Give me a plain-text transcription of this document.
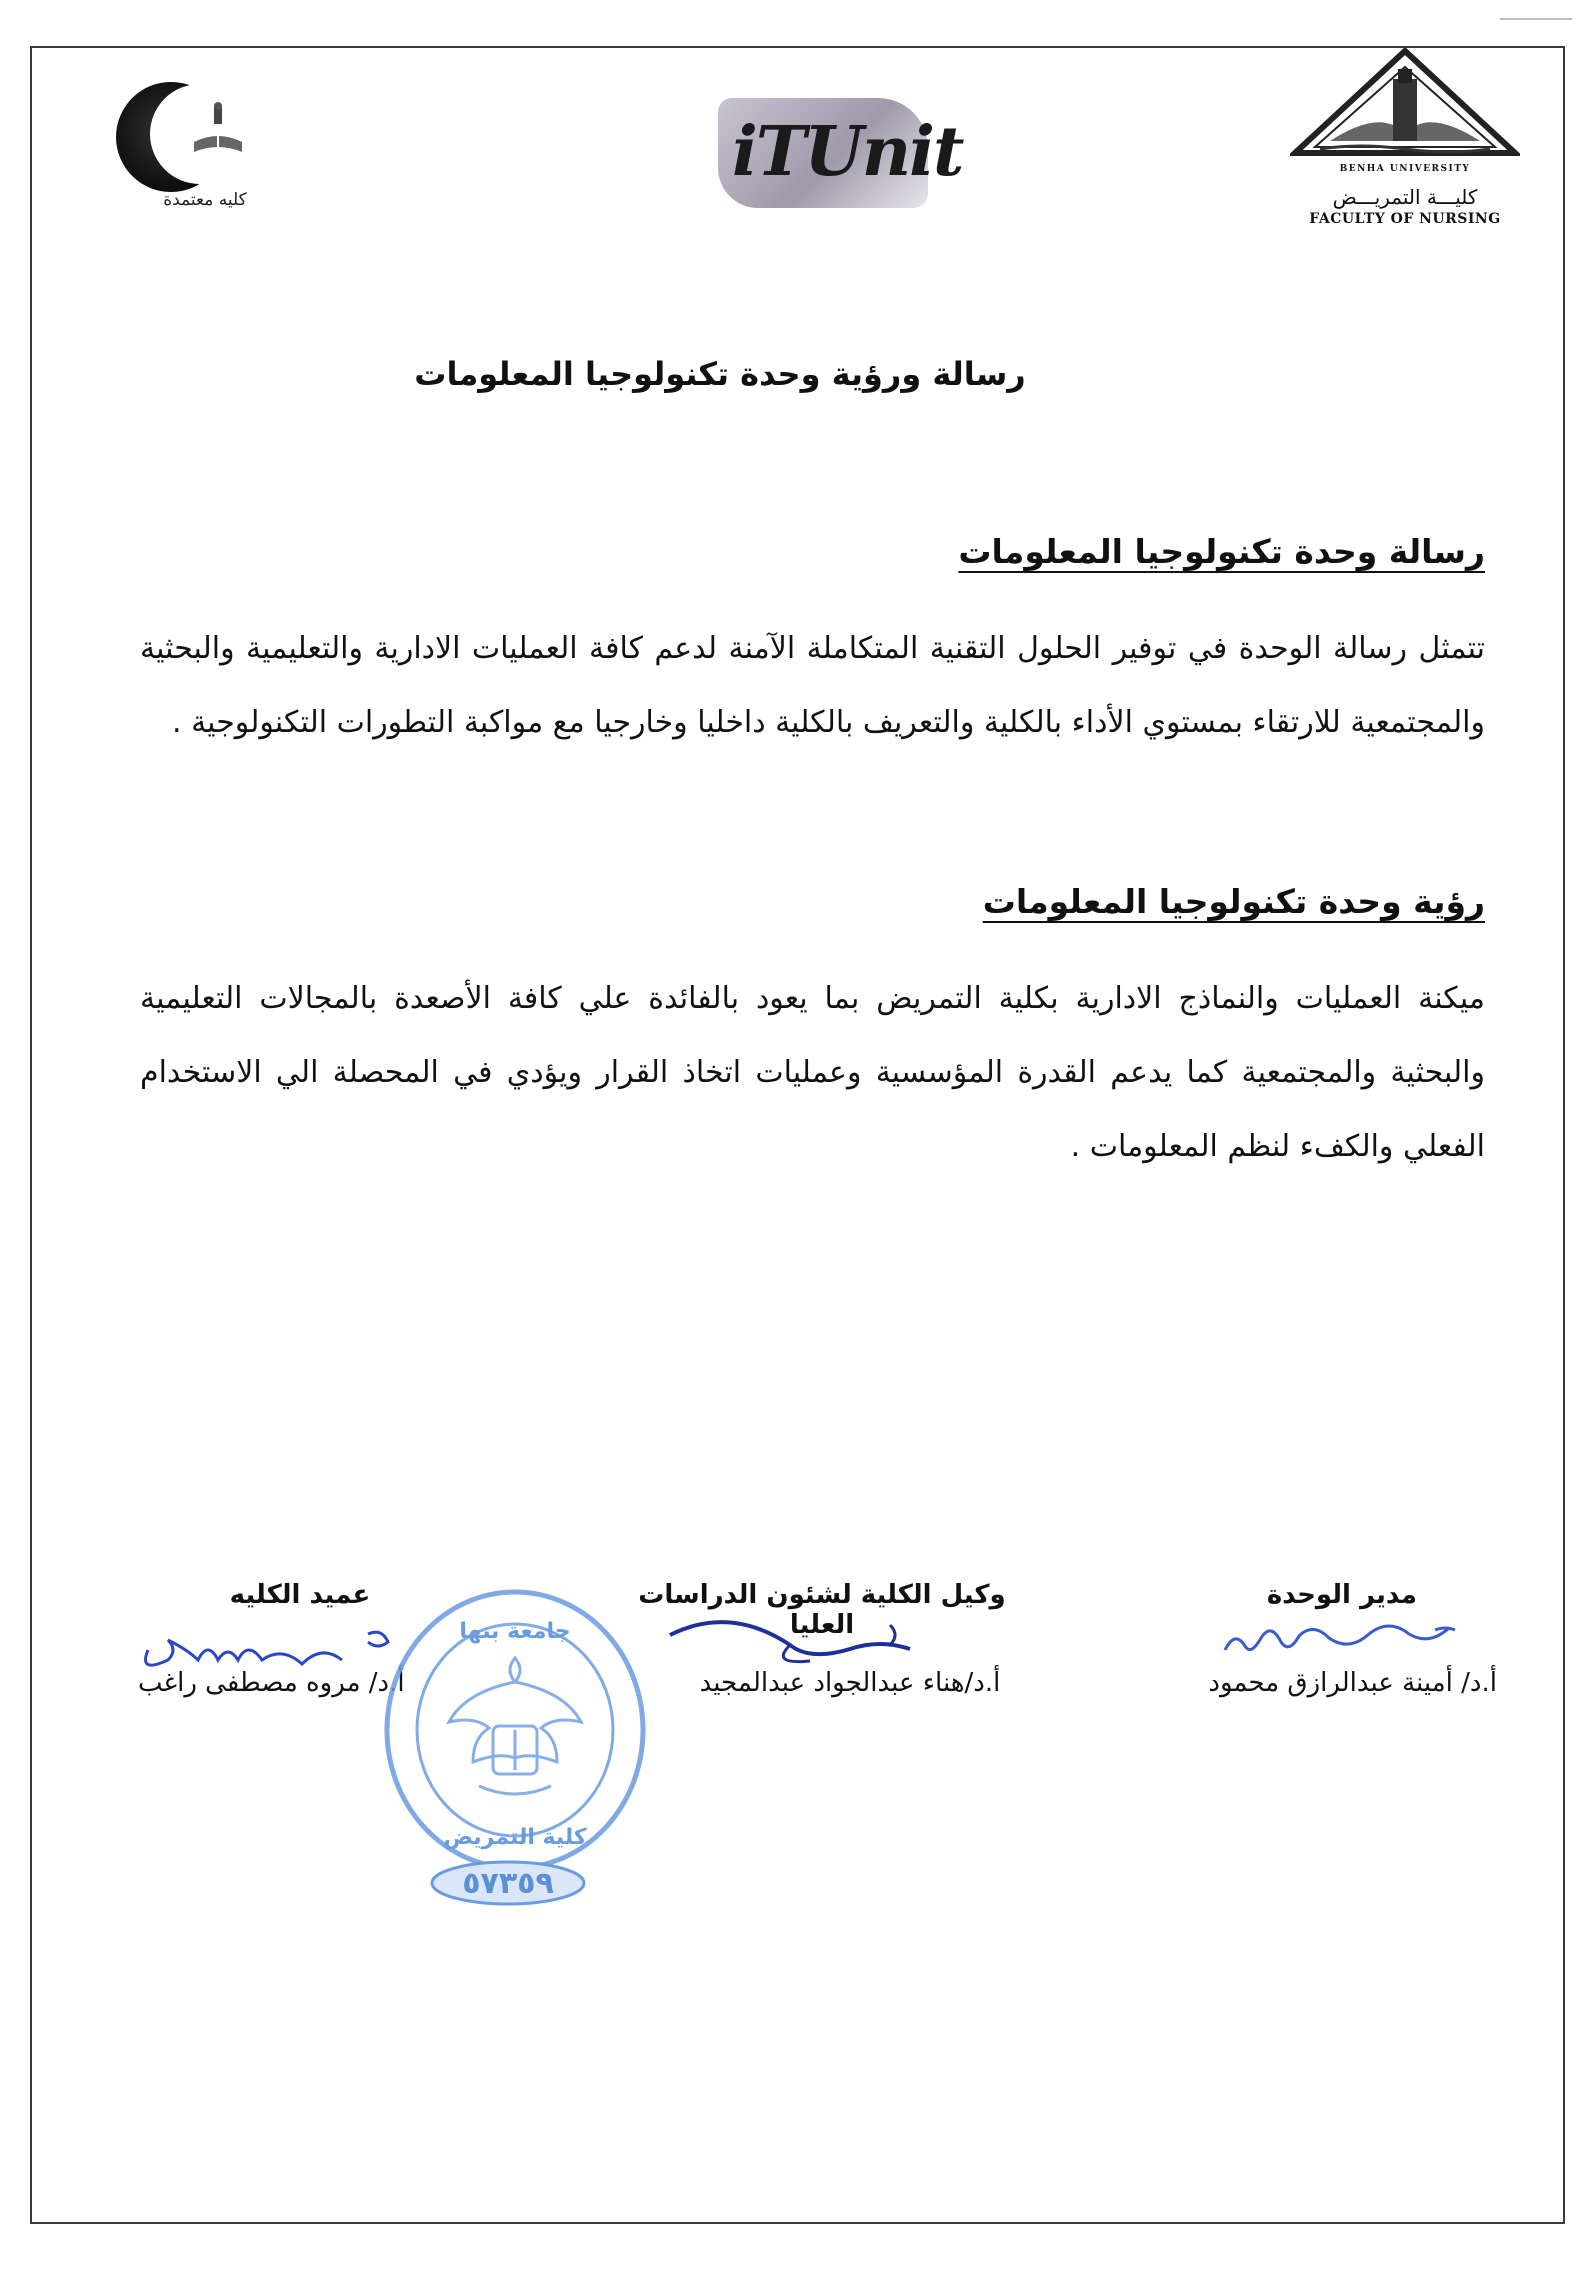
كليه معتمدة
iTUnit	BENHA UNIVERSITY
كليـــة التمريـــض
FACULTY OF NURSING
رسالة ورؤية وحدة تكنولوجيا المعلومات
رسالة وحدة تكنولوجيا المعلومات
تتمثل رسالة الوحدة في توفير الحلول التقنية المتكاملة الآمنة لدعم كافة العمليات الادارية والتعليمية والبحثية والمجتمعية للارتقاء بمستوي الأداء بالكلية والتعريف بالكلية داخليا وخارجيا مع مواكبة التطورات التكنولوجية .
رؤية وحدة تكنولوجيا المعلومات
ميكنة العمليات والنماذج الادارية بكلية التمريض بما يعود بالفائدة علي كافة الأصعدة بالمجالات التعليمية والبحثية والمجتمعية كما يدعم القدرة المؤسسية وعمليات اتخاذ القرار ويؤدي في المحصلة الي الاستخدام الفعلي والكفء لنظم المعلومات .
مدير الوحدة
أ.د/ أمينة عبدالرازق محمود
وكيل الكلية لشئون الدراسات العليا
أ.د/هناء عبدالجواد عبدالمجيد
عميد الكليه
أ.د/ مروه مصطفى راغب
جامعة بنها
كلية التمريض
٥٧٣٥٩
